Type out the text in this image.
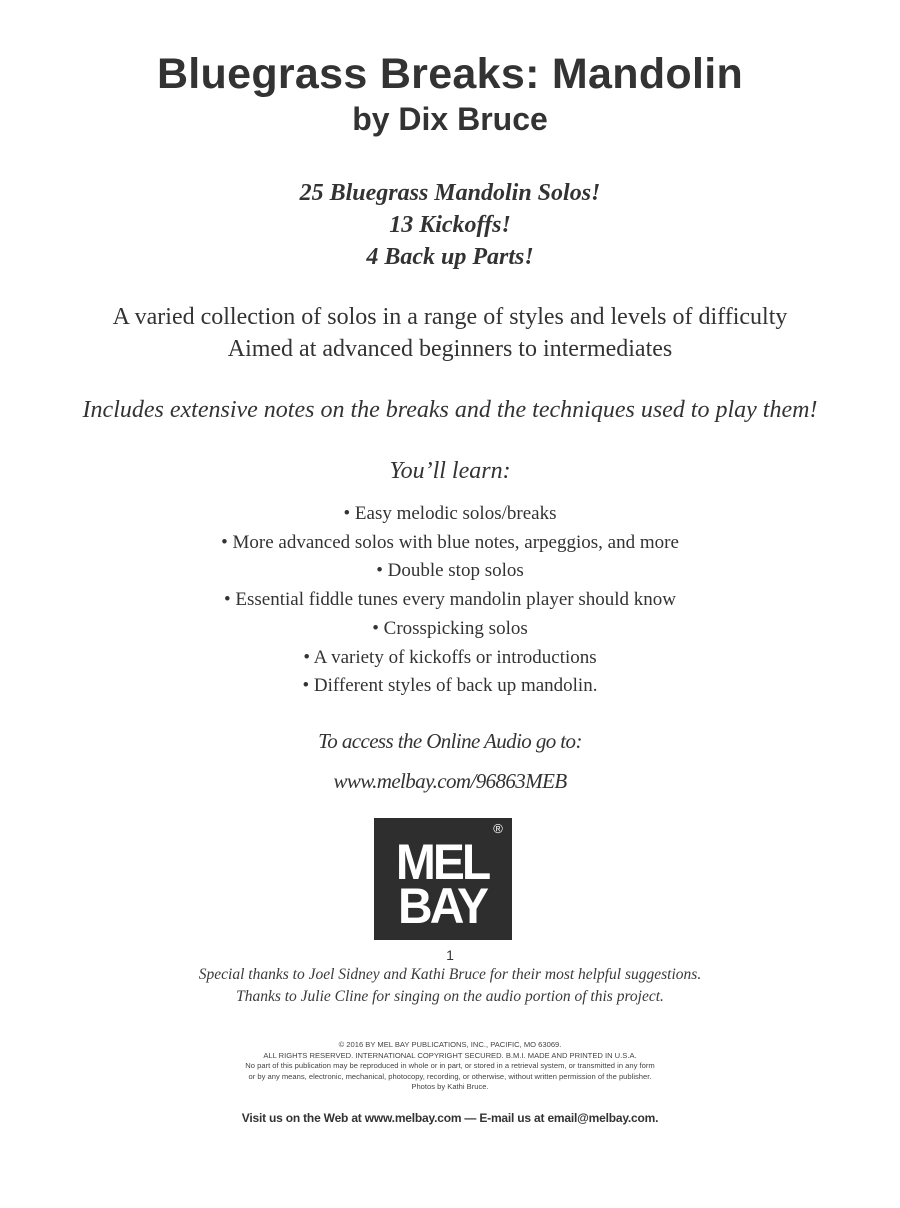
Bluegrass Breaks: Mandolin
by Dix Bruce
25 Bluegrass Mandolin Solos!
13 Kickoffs!
4 Back up Parts!
A varied collection of solos in a range of styles and levels of difficulty
Aimed at advanced beginners to intermediates
Includes extensive notes on the breaks and the techniques used to play them!
You’ll learn:
• Easy melodic solos/breaks
• More advanced solos with blue notes, arpeggios, and more
• Double stop solos
• Essential fiddle tunes every mandolin player should know
• Crosspicking solos
• A variety of kickoffs or introductions
• Different styles of back up mandolin.
To access the Online Audio go to:
www.melbay.com/96863MEB
MEL
BAY
®
1
Special thanks to Joel Sidney and Kathi Bruce for their most helpful suggestions.
Thanks to Julie Cline for singing on the audio portion of this project.
© 2016 BY MEL BAY PUBLICATIONS, INC., PACIFIC, MO 63069.
ALL RIGHTS RESERVED. INTERNATIONAL COPYRIGHT SECURED. B.M.I. MADE AND PRINTED IN U.S.A.
No part of this publication may be reproduced in whole or in part, or stored in a retrieval system, or transmitted in any form
or by any means, electronic, mechanical, photocopy, recording, or otherwise, without written permission of the publisher.
Photos by Kathi Bruce.
Visit us on the Web at www.melbay.com — E-mail us at email@melbay.com.
